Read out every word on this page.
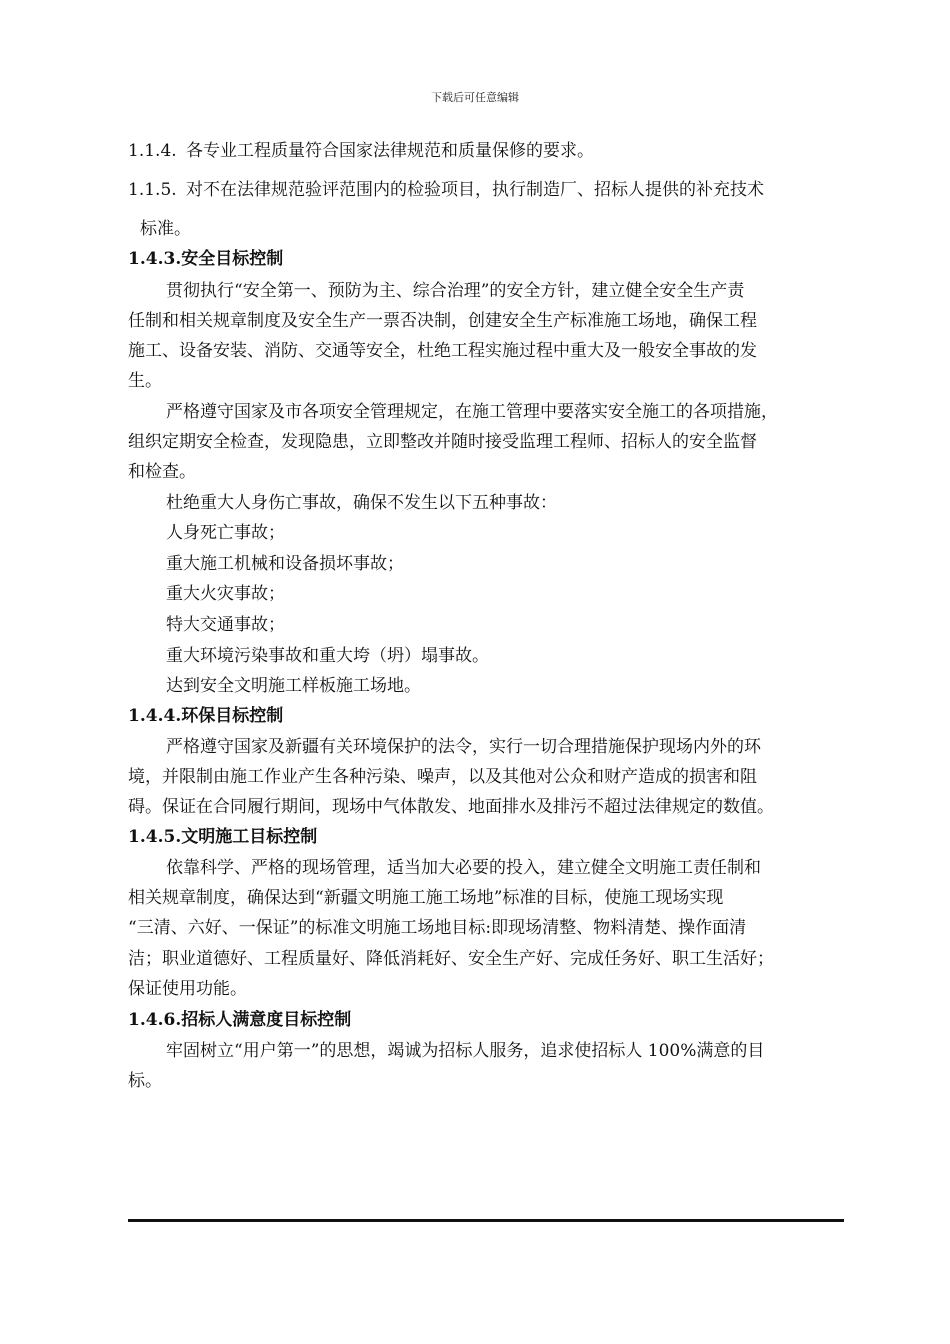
下载后可任意编辑
1.1.4. 各专业工程质量符合国家法律规范和质量保修的要求。
1.1.5. 对不在法律规范验评范围内的检验项目，执行制造厂、招标人提供的补充技术
标准。
1.4.3.安全目标控制
贯彻执行“安全第一、预防为主、综合治理”的安全方针，建立健全安全生产责
任制和相关规章制度及安全生产一票否决制，创建安全生产标准施工场地，确保工程
施工、设备安装、消防、交通等安全，杜绝工程实施过程中重大及一般安全事故的发
生。
严格遵守国家及市各项安全管理规定，在施工管理中要落实安全施工的各项措施，
组织定期安全检查，发现隐患，立即整改并随时接受监理工程师、招标人的安全监督
和检查。
杜绝重大人身伤亡事故，确保不发生以下五种事故：
人身死亡事故；
重大施工机械和设备损坏事故；
重大火灾事故；
特大交通事故；
重大环境污染事故和重大垮（坍）塌事故。
达到安全文明施工样板施工场地。
1.4.4.环保目标控制
严格遵守国家及新疆有关环境保护的法令，实行一切合理措施保护现场内外的环
境，并限制由施工作业产生各种污染、噪声，以及其他对公众和财产造成的损害和阻
碍。保证在合同履行期间，现场中气体散发、地面排水及排污不超过法律规定的数值。
1.4.5.文明施工目标控制
依靠科学、严格的现场管理，适当加大必要的投入，建立健全文明施工责任制和
相关规章制度，确保达到“新疆文明施工施工场地”标准的目标，使施工现场实现
“三清、六好、一保证”的标准文明施工场地目标:即现场清整、物料清楚、操作面清
洁；职业道德好、工程质量好、降低消耗好、安全生产好、完成任务好、职工生活好；
保证使用功能。
1.4.6.招标人满意度目标控制
牢固树立“用户第一”的思想，竭诚为招标人服务，追求使招标人 100%满意的目
标。
